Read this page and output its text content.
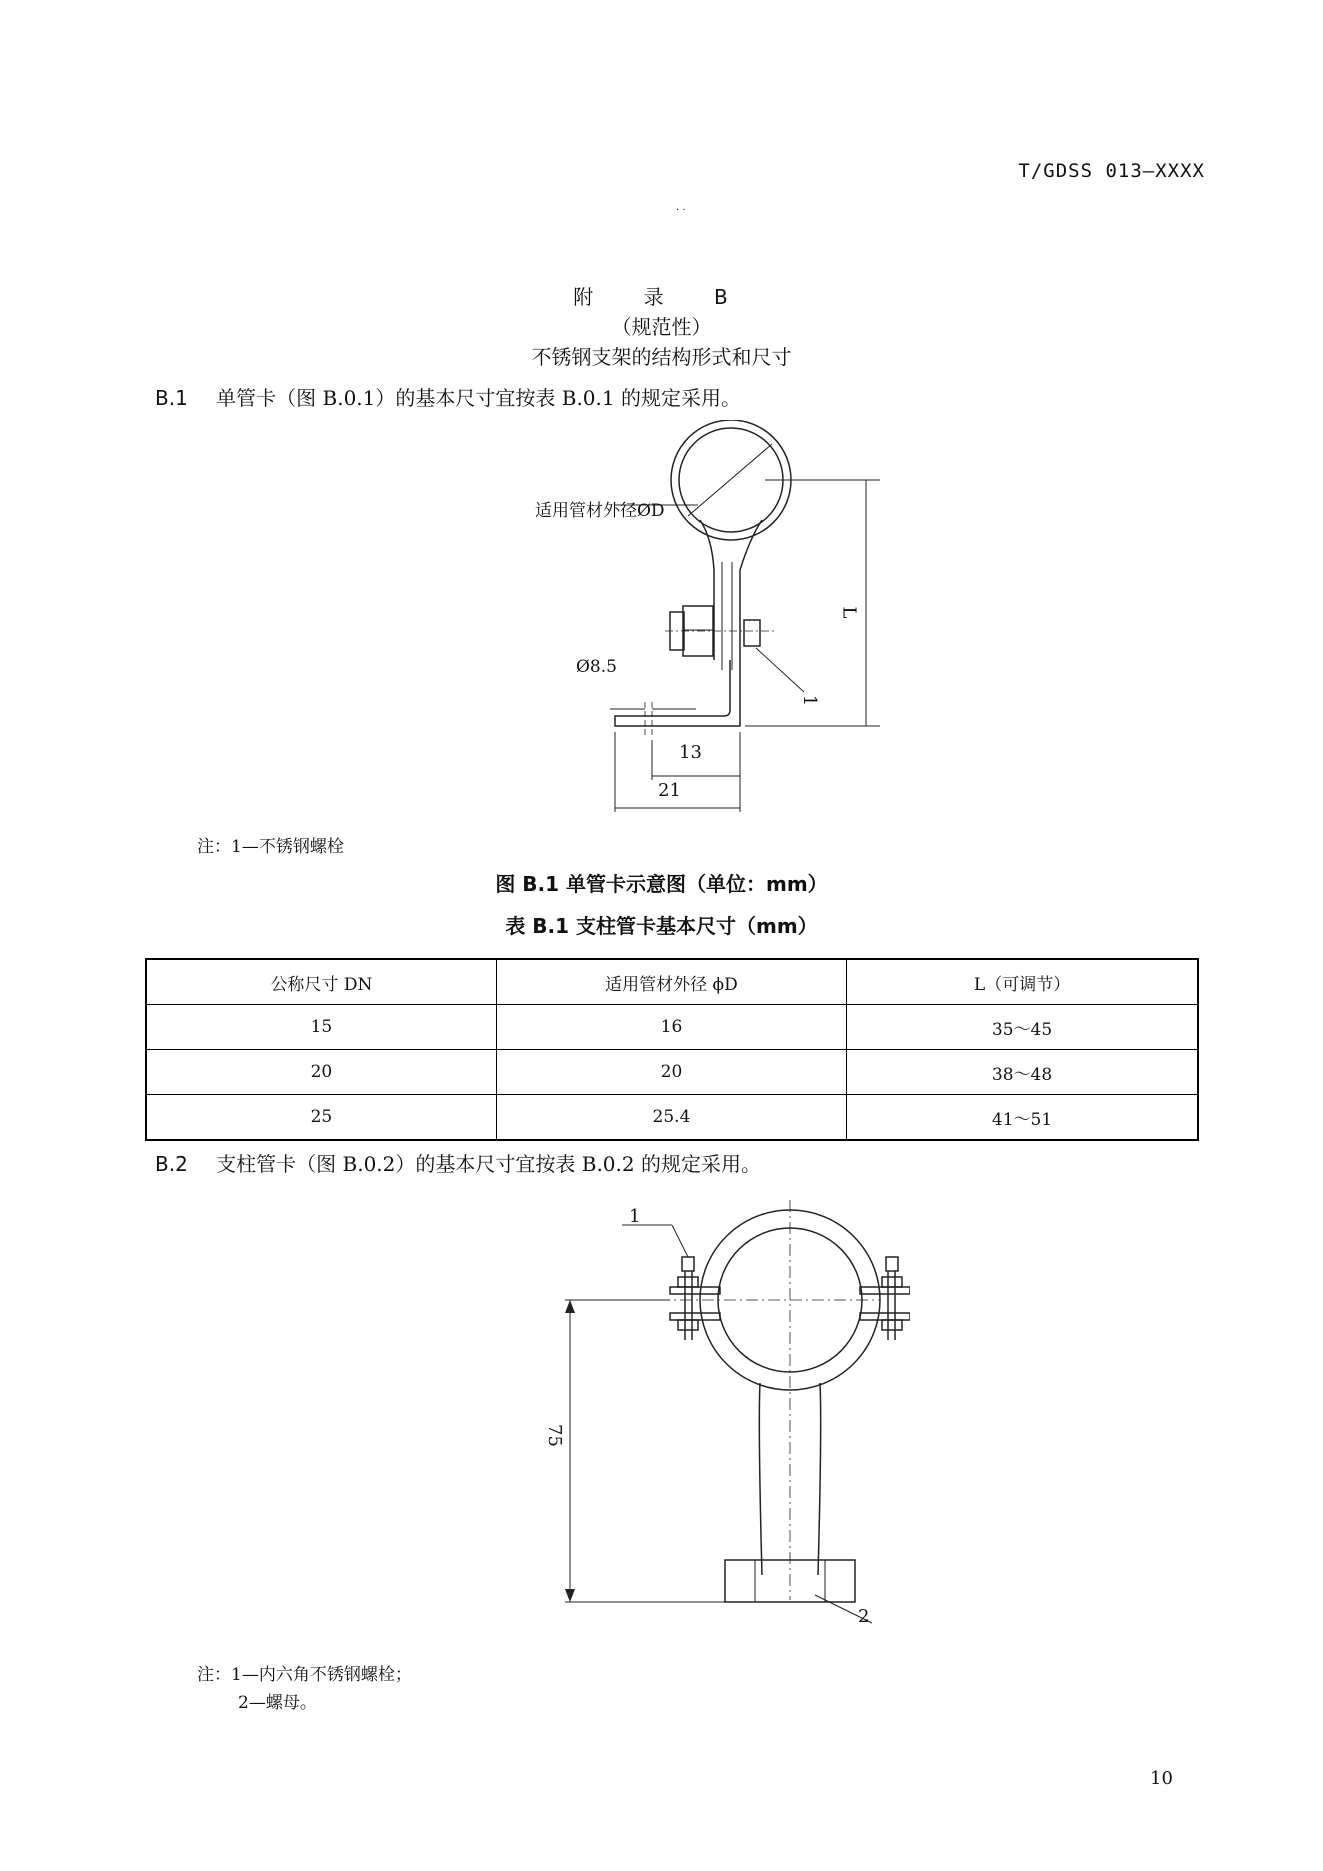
T/GDSS 013—XXXX
· ·
附 录 B
（规范性）
不锈钢支架的结构形式和尺寸
B.1 单管卡（图 B.0.1）的基本尺寸宜按表 B.0.1 的规定采用。
适用管材外径ØD
Ø8.5
13
21
L
1
注：1—不锈钢螺栓
图 B.1 单管卡示意图（单位：mm）
表 B.1 支柱管卡基本尺寸（mm）
公称尺寸 DN	适用管材外径 ϕD	L（可调节）
15	16	35～45
20	20	38～48
25	25.4	41～51
B.2 支柱管卡（图 B.0.2）的基本尺寸宜按表 B.0.2 的规定采用。
1
2
75
注：1—内六角不锈钢螺栓；
2—螺母。
10
